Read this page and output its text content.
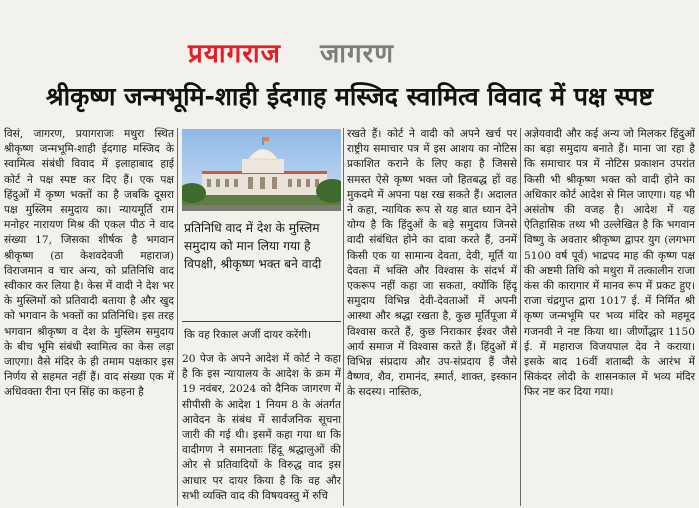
प्रयागराज जागरण
श्रीकृष्ण जन्मभूमि-शाही ईदगाह मस्जिद स्वामित्व विवाद में पक्ष स्पष्ट

विसं, जागरण, प्रयागराजः मथुरा स्थित श्रीकृष्ण जन्मभूमि-शाही ईदगाह मस्जिद के स्वामित्व संबंधी विवाद में इलाहाबाद हाई कोर्ट ने पक्ष स्पष्ट कर दिए हैं। एक पक्ष हिंदुओं में कृष्ण भक्तों का है जबकि दूसरा पक्ष मुस्लिम समुदाय का। न्यायमूर्ति राम मनोहर नारायण मिश्र की एकल पीठ ने वाद संख्या 17, जिसका शीर्षक है भगवान श्रीकृष्ण (ठा केशवदेवजी महाराज) विराजमान व चार अन्य, को प्रतिनिधि वाद स्वीकार कर लिया है। केस में वादी ने देश भर के मुस्लिमों को प्रतिवादी बताया है और खुद को भगवान के भक्तों का प्रतिनिधि। इस तरह भगवान श्रीकृष्ण व देश के मुस्लिम समुदाय के बीच भूमि संबंधी स्वामित्व का केस लड़ा जाएगा। वैसे मंदिर के ही तमाम पक्षकार इस निर्णय से सहमत नहीं हैं। वाद संख्या एक में अधिवक्ता रीना एन सिंह का कहना है

प्रतिनिधि वाद में देश के मुस्लिम समुदाय को मान लिया गया है विपक्षी, श्रीकृष्ण भक्त बने वादी

कि वह रिकाल अर्जी दायर करेंगी।

20 पेज के अपने आदेश में कोर्ट ने कहा है कि इस न्यायालय के आदेश के क्रम में 19 नवंबर, 2024 को दैनिक जागरण में सीपीसी के आदेश 1 नियम 8 के अंतर्गत आवेदन के संबंध में सार्वजनिक सूचना जारी की गई थी। इसमें कहा गया था कि वादीगण ने समानताः हिंदू श्रद्धालुओं की ओर से प्रतिवादियों के विरुद्ध वाद इस आधार पर दायर किया है कि वह और सभी व्यक्ति वाद की विषयवस्तु में रुचि

रखते हैं। कोर्ट ने वादी को अपने खर्च पर राष्ट्रीय समाचार पत्र में इस आशय का नोटिस प्रकाशित कराने के लिए कहा है जिससे समस्त ऐसे कृष्ण भक्त जो हितबद्ध हों वह मुकदमे में अपना पक्ष रख सकते हैं। अदालत ने कहा, न्यायिक रूप से यह बात ध्यान देने योग्य है कि हिंदुओं के बड़े समुदाय जिनसे वादी संबंधित होने का दावा करते हैं, उनमें किसी एक या सामान्य देवता, देवी, मूर्ति या देवता में भक्ति और विश्वास के संदर्भ में एकरूप नहीं कहा जा सकता, क्योंकि हिंदू समुदाय विभिन्न देवी-देवताओं में अपनी आस्था और श्रद्धा रखता है, कुछ मूर्तिपूजा में विश्वास करते हैं, कुछ निराकार ईश्वर जैसे आर्य समाज में विश्वास करते हैं। हिंदुओं में विभिन्न संप्रदाय और उप-संप्रदाय हैं जैसे वैष्णव, शैव, रामानंद, स्मार्त, शाक्त, इस्कान के सदस्य। नास्तिक,

अज्ञेयवादी और कई अन्य जो मिलकर हिंदुओं का बड़ा समुदाय बनाते हैं। माना जा रहा है कि समाचार पत्र में नोटिस प्रकाशन उपरांत किसी भी श्रीकृष्ण भक्त को वादी होने का अधिकार कोर्ट आदेश से मिल जाएगा। यह भी असंतोष की वजह है। आदेश में यह ऐतिहासिक तथ्य भी उल्लेखित है कि भगवान विष्णु के अवतार श्रीकृष्ण द्वापर युग (लगभग 5100 वर्ष पूर्व) भाद्रपद माह की कृष्ण पक्ष की अष्टमी तिथि को मथुरा में तत्कालीन राजा कंस की कारागार में मानव रूप में प्रकट हुए। राजा चंद्रगुप्त द्वारा 1017 ई. में निर्मित श्री कृष्ण जन्मभूमि पर भव्य मंदिर को महमूद गजनवी ने नष्ट किया था। जीर्णोद्धार 1150 ई. में महाराज विजयपाल देव ने कराया। इसके बाद 16वीं शताब्दी के आरंभ में सिकंदर लोदी के शासनकाल में भव्य मंदिर फिर नष्ट कर दिया गया।
